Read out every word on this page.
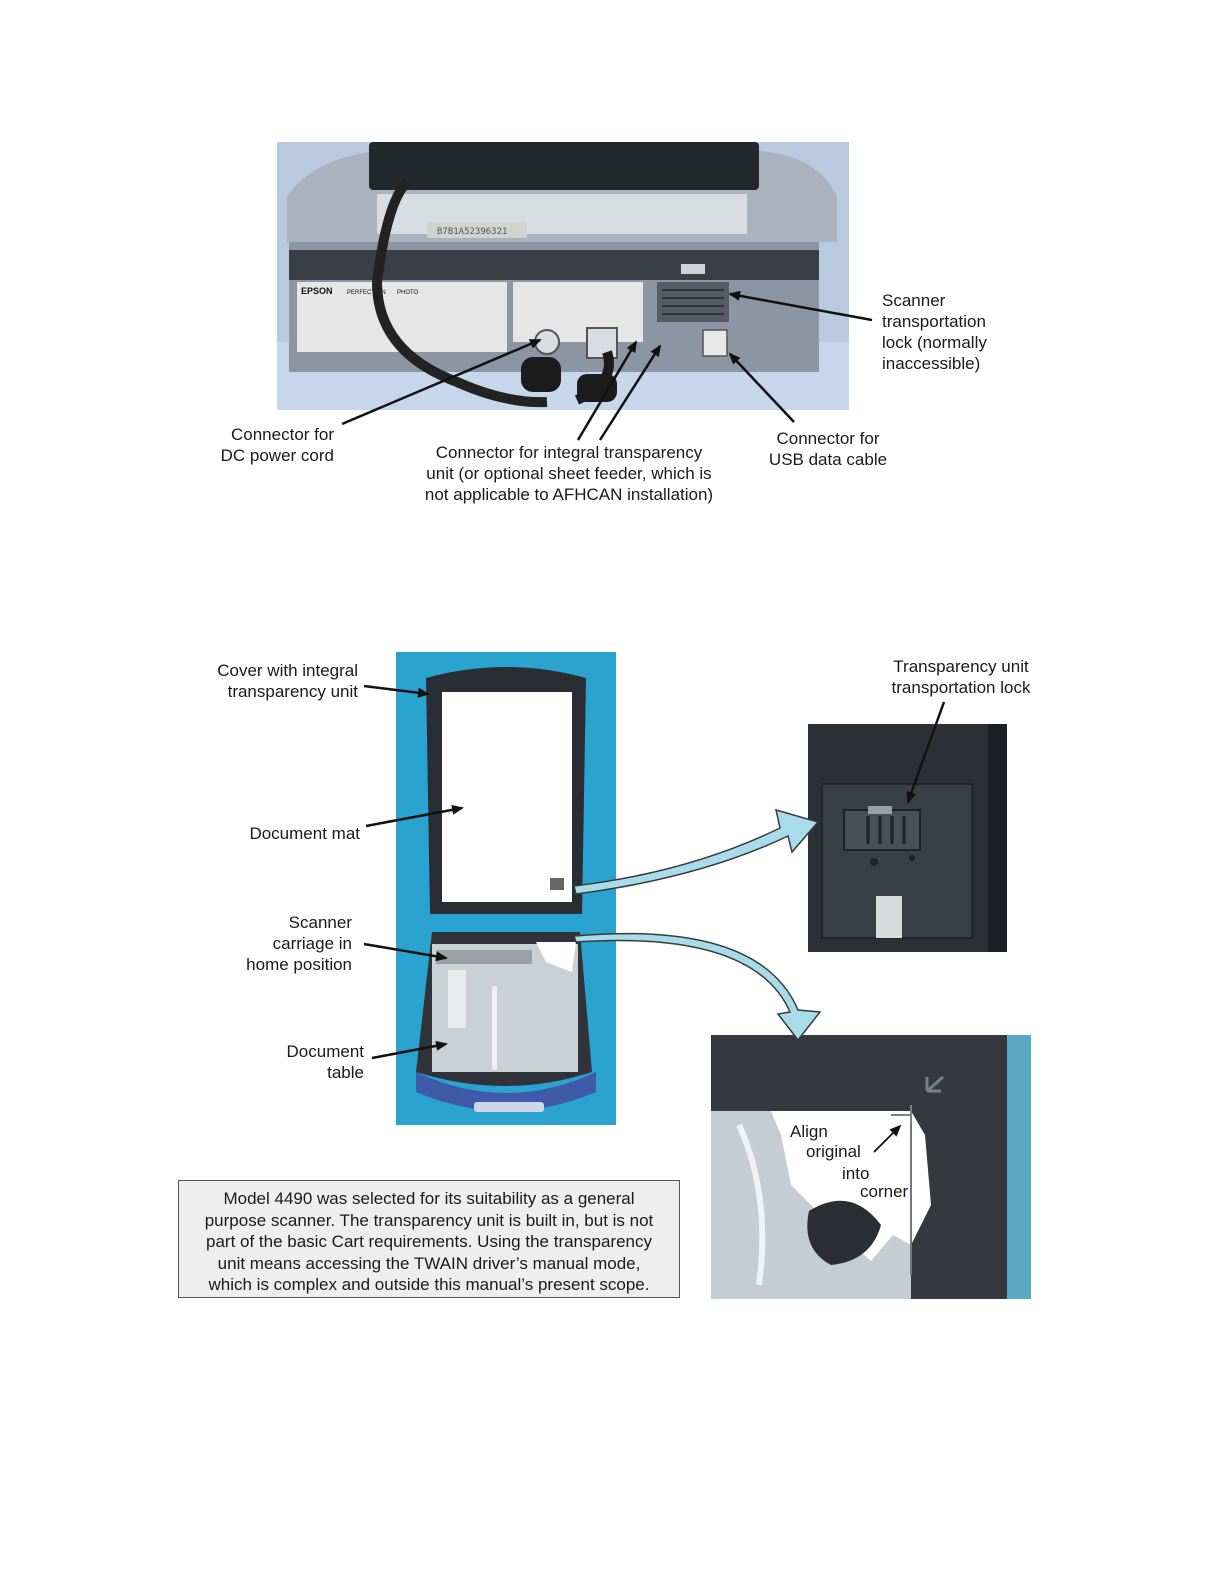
B7B1A52396321
EPSON PERFECTION PHOTO	Scanner
transportation
lock (normally
inaccessible)
Connector for
DC power cord	Connector for integral transparency
unit (or optional sheet feeder, which is
not applicable to AFHCAN installation)
Connector for
USB data cable
Cover with integral
transparency unit
Document mat
Scanner
carriage in
home position
Document
table
Transparency unit
transportation lock
Align
original
into
corner
Model 4490 was selected for its suitability as a general
purpose scanner. The transparency unit is built in, but is not
part of the basic Cart requirements. Using the transparency
unit means accessing the TWAIN driver’s manual mode,
which is complex and outside this manual’s present scope.
